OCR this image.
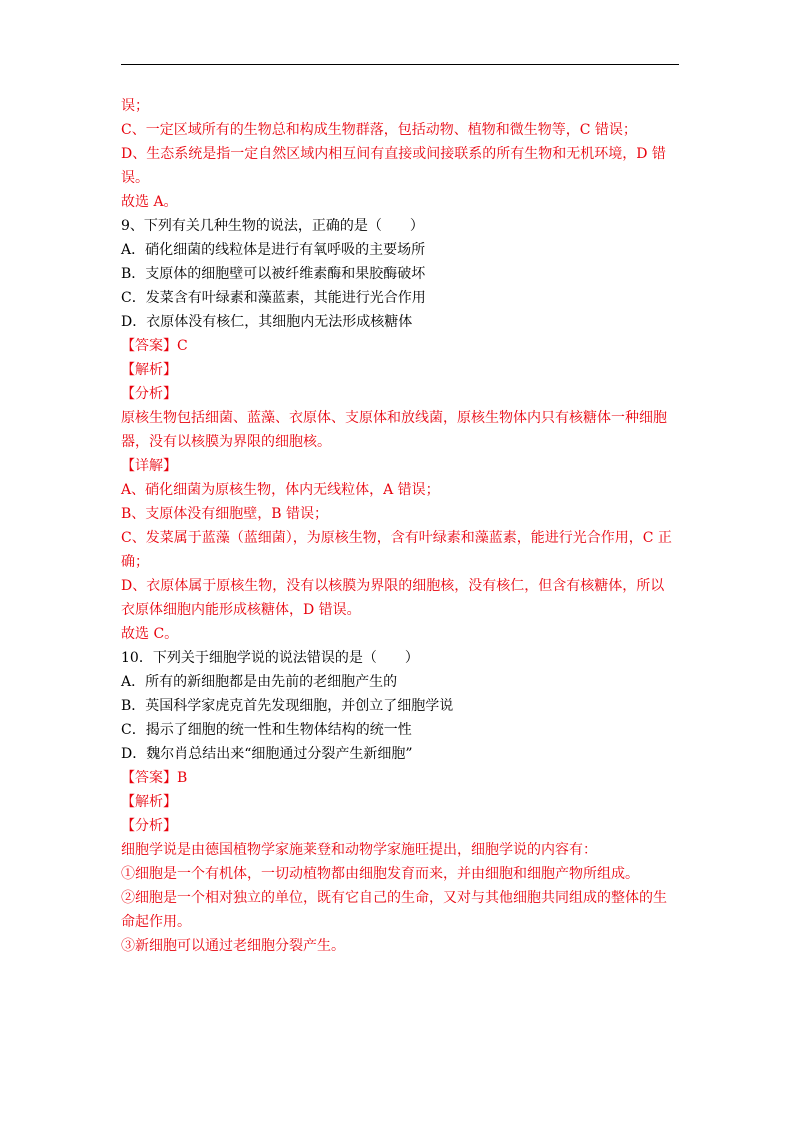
误；
C、一定区域所有的生物总和构成生物群落，包括动物、植物和微生物等，C 错误；
D、生态系统是指一定自然区域内相互间有直接或间接联系的所有生物和无机环境，D 错
误。
故选 A。
9、下列有关几种生物的说法，正确的是（　　）
A．硝化细菌的线粒体是进行有氧呼吸的主要场所
B．支原体的细胞壁可以被纤维素酶和果胶酶破坏
C．发菜含有叶绿素和藻蓝素，其能进行光合作用
D．衣原体没有核仁，其细胞内无法形成核糖体
【答案】C
【解析】
【分析】
原核生物包括细菌、蓝藻、衣原体、支原体和放线菌，原核生物体内只有核糖体一种细胞
器，没有以核膜为界限的细胞核。
【详解】
A、硝化细菌为原核生物，体内无线粒体，A 错误；
B、支原体没有细胞壁，B 错误；
C、发菜属于蓝藻（蓝细菌），为原核生物，含有叶绿素和藻蓝素，能进行光合作用，C 正
确；
D、衣原体属于原核生物，没有以核膜为界限的细胞核，没有核仁，但含有核糖体，所以
衣原体细胞内能形成核糖体，D 错误。
故选 C。
10．下列关于细胞学说的说法错误的是（　　）
A．所有的新细胞都是由先前的老细胞产生的
B．英国科学家虎克首先发现细胞，并创立了细胞学说
C．揭示了细胞的统一性和生物体结构的统一性
D．魏尔肖总结出来“细胞通过分裂产生新细胞”
【答案】B
【解析】
【分析】
细胞学说是由德国植物学家施莱登和动物学家施旺提出，细胞学说的内容有：
①细胞是一个有机体，一切动植物都由细胞发育而来，并由细胞和细胞产物所组成。
②细胞是一个相对独立的单位，既有它自己的生命，又对与其他细胞共同组成的整体的生
命起作用。
③新细胞可以通过老细胞分裂产生。
